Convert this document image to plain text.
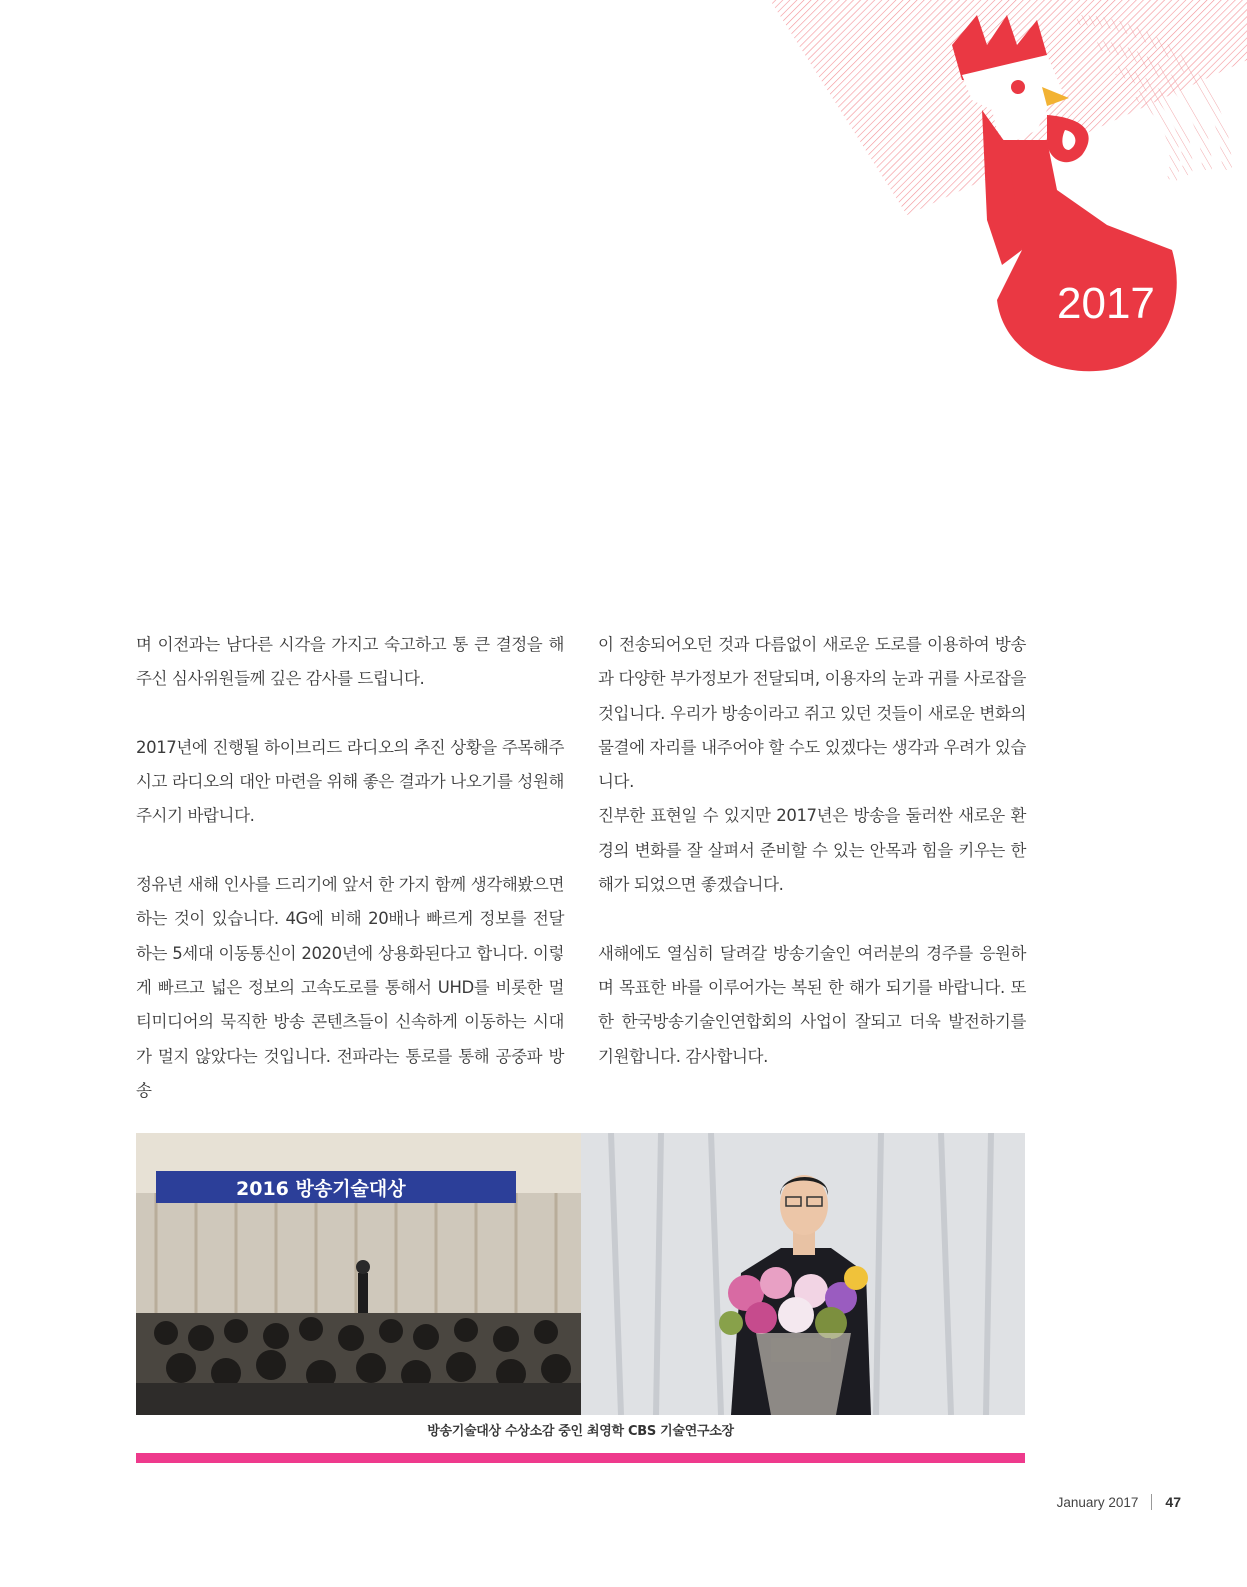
2017

며 이전과는 남다른 시각을 가지고 숙고하고 통 큰 결정을 해 주신 심사위원들께 깊은 감사를 드립니다.

2017년에 진행될 하이브리드 라디오의 추진 상황을 주목해주시고 라디오의 대안 마련을 위해 좋은 결과가 나오기를 성원해 주시기 바랍니다.

정유년 새해 인사를 드리기에 앞서 한 가지 함께 생각해봤으면 하는 것이 있습니다. 4G에 비해 20배나 빠르게 정보를 전달하는 5세대 이동통신이 2020년에 상용화된다고 합니다. 이렇게 빠르고 넓은 정보의 고속도로를 통해서 UHD를 비롯한 멀티미디어의 묵직한 방송 콘텐츠들이 신속하게 이동하는 시대가 멀지 않았다는 것입니다. 전파라는 통로를 통해 공중파 방송

이 전송되어오던 것과 다름없이 새로운 도로를 이용하여 방송과 다양한 부가정보가 전달되며, 이용자의 눈과 귀를 사로잡을 것입니다. 우리가 방송이라고 쥐고 있던 것들이 새로운 변화의 물결에 자리를 내주어야 할 수도 있겠다는 생각과 우려가 있습니다.

진부한 표현일 수 있지만 2017년은 방송을 둘러싼 새로운 환경의 변화를 잘 살펴서 준비할 수 있는 안목과 힘을 키우는 한 해가 되었으면 좋겠습니다.

새해에도 열심히 달려갈 방송기술인 여러분의 경주를 응원하며 목표한 바를 이루어가는 복된 한 해가 되기를 바랍니다. 또한 한국방송기술인연합회의 사업이 잘되고 더욱 발전하기를 기원합니다. 감사합니다.

2016 방송기술대상
방송기술대상 수상소감 중인 최영학 CBS 기술연구소장
January 2017 47
